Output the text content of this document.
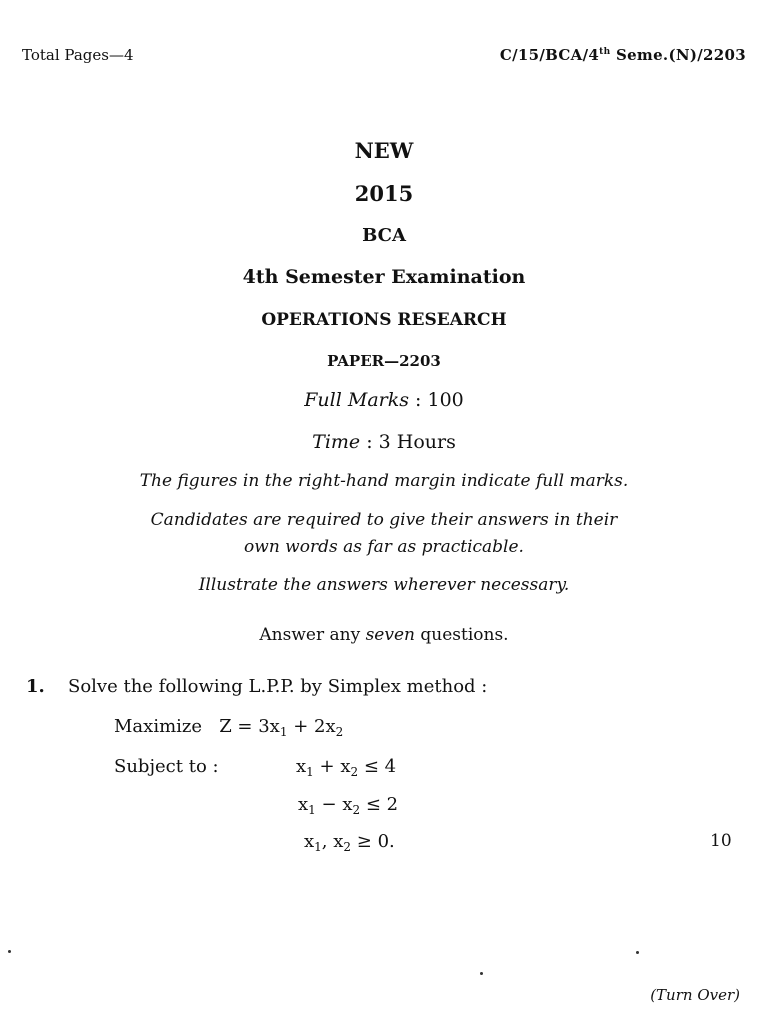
Total Pages—4	C/15/BCA/4th Seme.(N)/2203
NEW
2015
BCA
4th Semester Examination
OPERATIONS RESEARCH
PAPER—2203
Full Marks : 100
Time : 3 Hours
The figures in the right-hand margin indicate full marks.
Candidates are required to give their answers in their
own words as far as practicable.
Illustrate the answers wherever necessary.
Answer any seven questions.
1. Solve the following L.P.P. by Simplex method :
Maximize   $Z = 3x_1 + 2x_2$
Subject to :	$x_1 + x_2 \le 4$
$x_1 - x_2 \le 2$
$x_1$, $x_2 \ge 0$.	10
(Turn Over)
